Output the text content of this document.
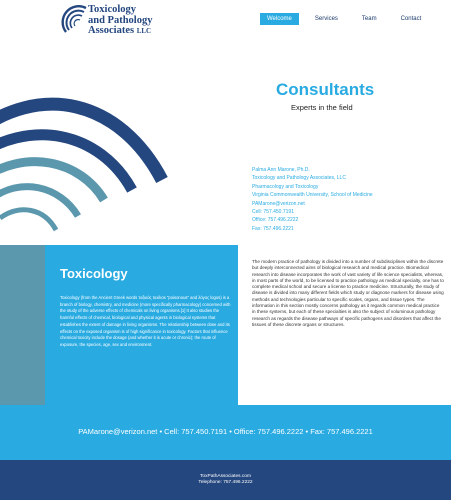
Toxicology
and Pathology
Associates LLC
Welcome	Services	Team	Contact
Consultants
Experts in the field
Palma Ann Marone, Ph.D.
Toxicology and Pathology Associates, LLC
Pharmacology and Toxicology
Virginia Commonwealth University, School of Medicine
PAMarone@verizon.net
Cell: 757.450.7191
Office: 757.496.2222
Fax: 757.496.2221
Toxicology

Toxicology (from the Ancient Greek words τοξικός toxikos "poisonous" and λόγος logos) is a branch of biology, chemistry, and medicine (more specifically pharmacology) concerned with the study of the adverse effects of chemicals on living organisms.[1] It also studies the harmful effects of chemical, biological and physical agents in biological systems that establishes the extent of damage in living organisms. The relationship between dose and its effects on the exposed organism is of high significance in toxicology. Factors that influence chemical toxicity include the dosage (and whether it is acute or chronic); the route of exposure, the species, age, sex and environment.

The modern practice of pathology is divided into a number of subdisciplines within the discrete but deeply interconnected aims of biological research and medical practice. Biomedical research into disease incorporates the work of vast variety of life science specialists, whereas, in most parts of the world, to be licensed to practice pathology as medical specialty, one has to complete medical school and secure a license to practice medicine. Structurally, the study of disease is divided into many different fields which study or diagnose markers for disease using methods and technologies particular to specific scales, organs, and tissue types. The information in this section mostly concerns pathology as it regards common medical practice in these systems, but each of these specialties is also the subject of voluminous pathology research as regards the disease pathways of specific pathogens and disorders that affect the tissues of these discrete organs or structures.

PAMarone@verizon.net • Cell: 757.450.7191 • Office: 757.496.2222 • Fax: 757.496.2221
ToxPathAssociates.com
Telephone: 757.496.2222
